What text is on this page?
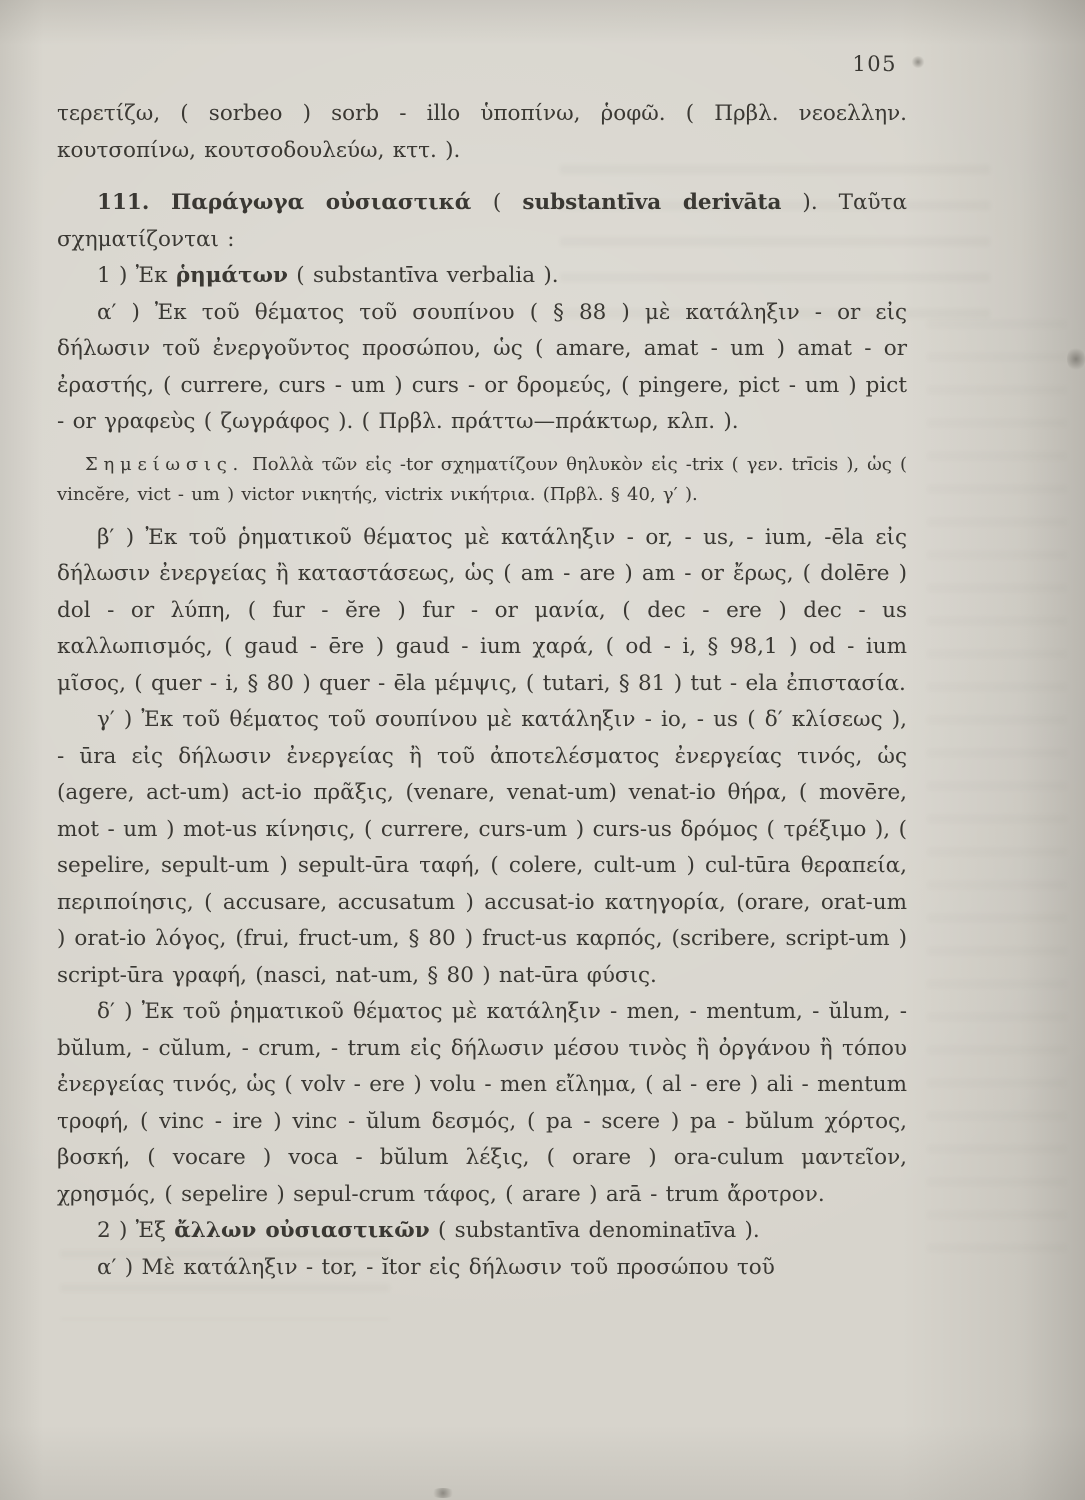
105

τερετίζω, ( sorbeo ) sorb - illo ὑποπίνω, ῥοφῶ. ( Πρβλ. νεοελλην. κουτσοπίνω, κουτσοδουλεύω, κττ. ).

111. Παράγωγα οὐσιαστικά ( substantīva derivāta ). Ταῦτα σχηματίζονται :

1 ) Ἐκ ῥημάτων ( substantīva verbalia ).

α′ ) Ἐκ τοῦ θέματος τοῦ σουπίνου ( § 88 ) μὲ κατάληξιν - or εἰς δήλωσιν τοῦ ἐνεργοῦντος προσώπου, ὡς ( amare, amat - um ) amat - or ἐραστής, ( currere, curs - um ) curs - or δρομεύς, ( pingere, pict - um ) pict - or γραφεὺς ( ζωγράφος ). ( Πρβλ. πράττω—πράκτωρ, κλπ. ).

Σημείωσις. Πολλὰ τῶν εἰς -tor σχηματίζουν θηλυκὸν εἰς -trix ( γεν. trīcis ), ὡς ( vincĕre, vict - um ) victor νικητής, victrix νικήτρια. (Πρβλ. § 40, γ′ ).

β′ ) Ἐκ τοῦ ῥηματικοῦ θέματος μὲ κατάληξιν - or, - us, - ium, -ēla εἰς δήλωσιν ἐνεργείας ἢ καταστάσεως, ὡς ( am - are ) am - or ἔρως, ( dolēre ) dol - or λύπη, ( fur - ĕre ) fur - or μανία, ( dec - ere ) dec - us καλλωπισμός, ( gaud - ēre ) gaud - ium χαρά, ( od - i, § 98,1 ) od - ium μῖσος, ( quer - i, § 80 ) quer - ēla μέμψις, ( tutari, § 81 ) tut - ela ἐπιστασία.

γ′ ) Ἐκ τοῦ θέματος τοῦ σουπίνου μὲ κατάληξιν - io, - us ( δ′ κλίσεως ), - ūra εἰς δήλωσιν ἐνεργείας ἢ τοῦ ἀποτελέσματος ἐνεργείας τινός, ὡς (agere, act-um) act-io πρᾶξις, (venare, venat-um) venat-io θήρα, ( movēre, mot - um ) mot-us κίνησις, ( currere, curs-um ) curs-us δρόμος ( τρέξιμο ), ( sepelire, sepult-um ) sepult-ūra ταφή, ( colere, cult-um ) cul-tūra θεραπεία, περιποίησις, ( accusare, accusatum ) accusat-io κατηγορία, (orare, orat-um ) orat-io λόγος, (frui, fruct-um, § 80 ) fruct-us καρπός, (scribere, script-um ) script-ūra γραφή, (nasci, nat-um, § 80 ) nat-ūra φύσις.

δ′ ) Ἐκ τοῦ ῥηματικοῦ θέματος μὲ κατάληξιν - men, - mentum, - ŭlum, - bŭlum, - cŭlum, - crum, - trum εἰς δήλωσιν μέσου τινὸς ἢ ὀργάνου ἢ τόπου ἐνεργείας τινός, ὡς ( volv - ere ) volu - men εἴλημα, ( al - ere ) ali - mentum τροφή, ( vinc - ire ) vinc - ŭlum δεσμός, ( pa - scere ) pa - bŭlum χόρτος, βοσκή, ( vocare ) voca - bŭlum λέξις, ( orare ) ora-culum μαντεῖον, χρησμός, ( sepelire ) sepul-crum τάφος, ( arare ) arā - trum ἄροτρον.

2 ) Ἐξ ἄλλων οὐσιαστικῶν ( substantīva denominatīva ).

α′ ) Μὲ κατάληξιν - tor, - ĭtor εἰς δήλωσιν τοῦ προσώπου τοῦ
